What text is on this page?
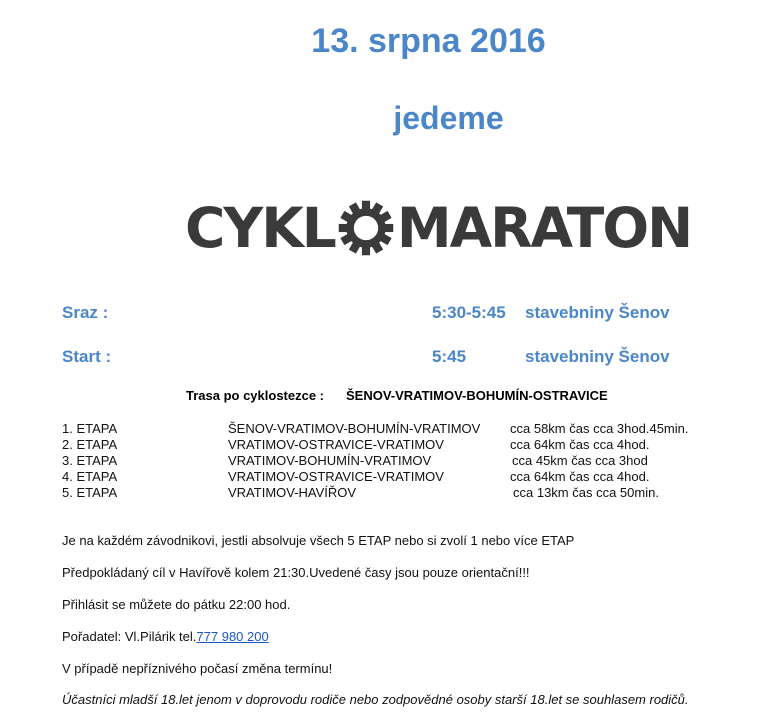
13. srpna 2016
jedeme
CYKL MARATON
Sraz :	5:30-5:45 stavebniny Šenov
Start :	5:45	stavebniny Šenov
Trasa po cyklostezce : ŠENOV-VRATIMOV-BOHUMÍN-OSTRAVICE
1. ETAPA	ŠENOV-VRATIMOV-BOHUMÍN-VRATIMOV cca 58km čas cca 3hod.45min.
2. ETAPA	VRATIMOV-OSTRAVICE-VRATIMOV	cca 64km čas cca 4hod.
3. ETAPA	VRATIMOV-BOHUMÍN-VRATIMOV	cca 45km čas cca 3hod
4. ETAPA	VRATIMOV-OSTRAVICE-VRATIMOV	cca 64km čas cca 4hod.
5. ETAPA	VRATIMOV-HAVÍŘOV	cca 13km čas cca 50min.
Je na každém závodnikovi, jestli absolvuje všech 5 ETAP nebo si zvolí 1 nebo více ETAP
Předpokládaný cíl v Havířově kolem 21:30.Uvedené časy jsou pouze orientační!!!
Přihlásit se můžete do pátku 22:00 hod.
Pořadatel: Vl.Pilárik tel.777 980 200
V případě nepříznivého počasí změna termínu!
Účastníci mladší 18.let jenom v doprovodu rodiče nebo zodpovědné osoby starší 18.let se souhlasem rodičů.
